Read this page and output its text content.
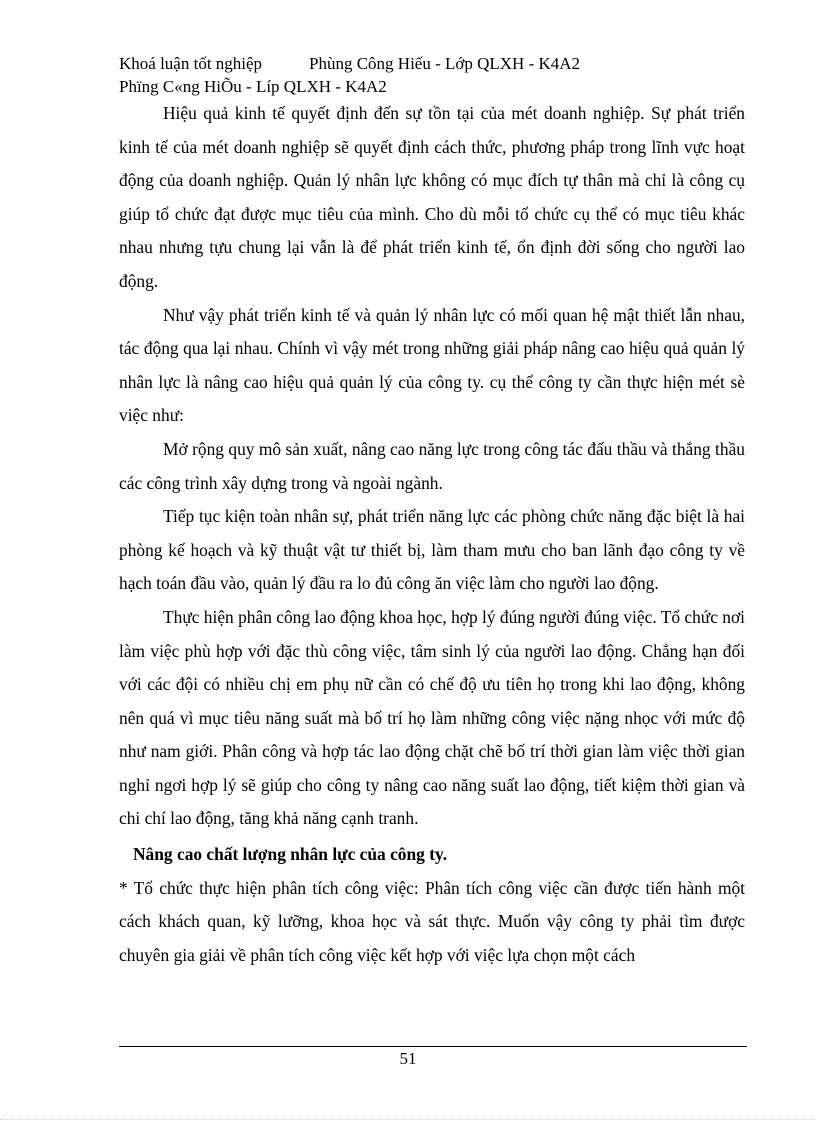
Khoá luận tốt nghiệp	Phùng Công Hiếu - Lớp QLXH - K4A2
Phïng C«ng HiÕu - Líp QLXH - K4A2

Hiệu quả kinh tế quyết định đến sự tồn tại của mét doanh nghiệp. Sự phát triển kinh tế của mét doanh nghiệp sẽ quyết định cách thức, phương pháp trong lĩnh vực hoạt động của doanh nghiệp. Quản lý nhân lực không có mục đích tự thân mà chỉ là công cụ giúp tổ chức đạt được mục tiêu của mình. Cho dù mỗi tổ chức cụ thể có mục tiêu khác nhau nhưng tựu chung lại vẫn là để phát triển kinh tế, ổn định đời sống cho người lao động.

Như vậy phát triển kinh tế và quản lý nhân lực có mối quan hệ mật thiết lẫn nhau, tác động qua lại nhau. Chính vì vậy mét trong những giải pháp nâng cao hiệu quả quản lý nhân lực là nâng cao hiệu quả quản lý của công ty. cụ thể công ty cần thực hiện mét sè việc như:

Mở rộng quy mô sản xuất, nâng cao năng lực trong công tác đấu thầu và thắng thầu các công trình xây dựng trong và ngoài ngành.

Tiếp tục kiện toàn nhân sự, phát triển năng lực các phòng chức năng đặc biệt là hai phòng kế hoạch và kỹ thuật vật tư thiết bị, làm tham mưu cho ban lãnh đạo công ty về hạch toán đầu vào, quản lý đầu ra lo đủ công ăn việc làm cho người lao động.

Thực hiện phân công lao động khoa học, hợp lý đúng người đúng việc. Tổ chức nơi làm việc phù hợp với đặc thù công việc, tâm sinh lý của người lao động. Chẳng hạn đối với các đội có nhiều chị em phụ nữ cần có chế độ ưu tiên họ trong khi lao động, không nên quá vì mục tiêu năng suất mà bố trí họ làm những công việc nặng nhọc với mức độ như nam giới. Phân công và hợp tác lao động chặt chẽ bố trí thời gian làm việc thời gian nghỉ ngơi hợp lý sẽ giúp cho công ty nâng cao năng suất lao động, tiết kiệm thời gian và chi chí lao động, tăng khả năng cạnh tranh.

Nâng cao chất lượng nhân lực của công ty.

* Tổ chức thực hiện phân tích công việc: Phân tích công việc cần được tiến hành một cách khách quan, kỹ lưỡng, khoa học và sát thực. Muốn vậy công ty phải tìm được chuyên gia giải về phân tích công việc kết hợp với việc lựa chọn một cách

51
